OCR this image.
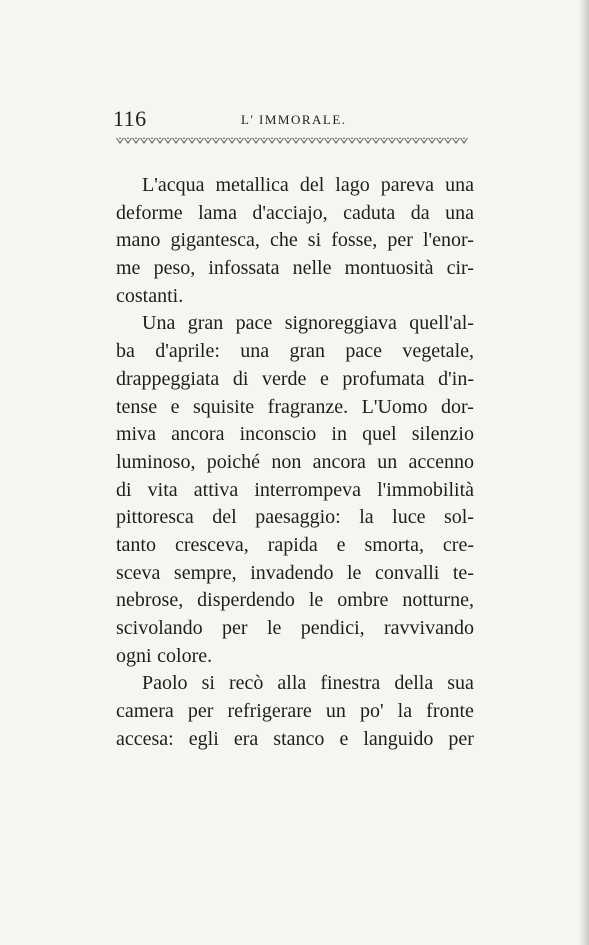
116	L' IMMORALE.
L'acqua metallica del lago pareva una
deforme lama d'acciajo, caduta da una
mano gigantesca, che si fosse, per l'enor-
me peso, infossata nelle montuosità cir-
costanti.
Una gran pace signoreggiava quell'al-
ba d'aprile: una gran pace vegetale,
drappeggiata di verde e profumata d'in-
tense e squisite fragranze. L'Uomo dor-
miva ancora inconscio in quel silenzio
luminoso, poiché non ancora un accenno
di vita attiva interrompeva l'immobilità
pittoresca del paesaggio: la luce sol-
tanto cresceva, rapida e smorta, cre-
sceva sempre, invadendo le convalli te-
nebrose, disperdendo le ombre notturne,
scivolando per le pendici, ravvivando
ogni colore.
Paolo si recò alla finestra della sua
camera per refrigerare un po' la fronte
accesa: egli era stanco e languido per
